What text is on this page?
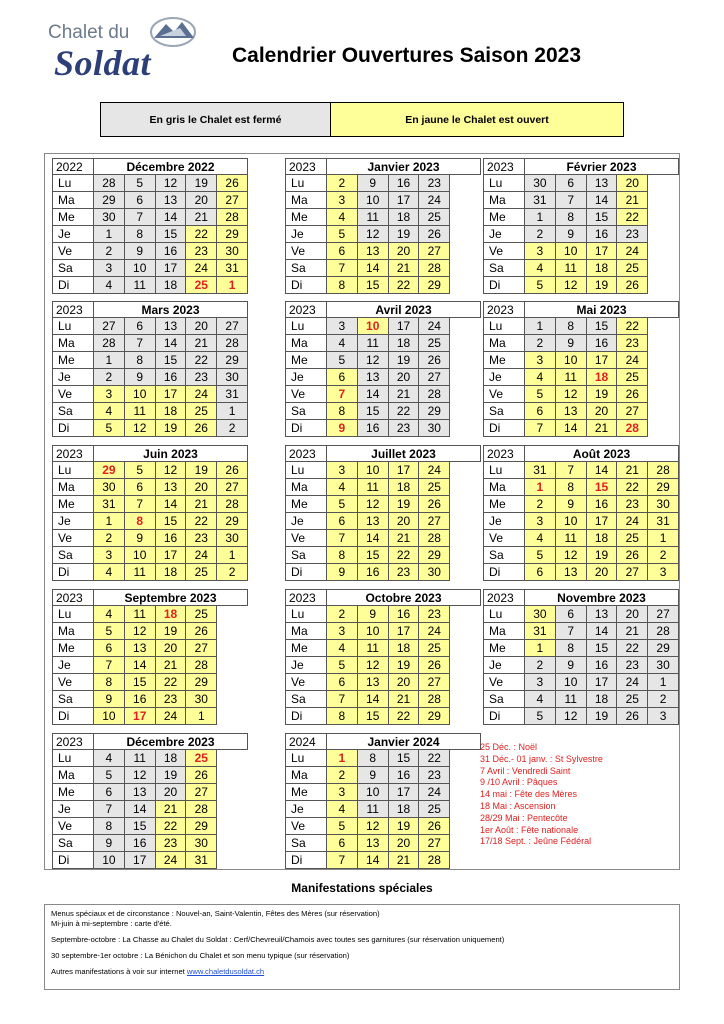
Chalet du
Soldat	Calendrier Ouvertures Saison 2023
En gris le Chalet est fermé	En jaune le Chalet est ouvert
2022	Décembre 2022
Lu	28	5	12	19	26
Ma	29	6	13	20	27
Me	30	7	14	21	28
Je	1	8	15	22	29
Ve	2	9	16	23	30
Sa	3	10	17	24	31
Di	4	11	18	25	1
2023	Janvier 2023
Lu	2	9	16	23
Ma	3	10	17	24
Me	4	11	18	25
Je	5	12	19	26
Ve	6	13	20	27
Sa	7	14	21	28
Di	8	15	22	29
2023	Février 2023
Lu	30	6	13	20
Ma	31	7	14	21
Me	1	8	15	22
Je	2	9	16	23
Ve	3	10	17	24
Sa	4	11	18	25
Di	5	12	19	26
2023	Mars 2023
Lu	27	6	13	20	27
Ma	28	7	14	21	28
Me	1	8	15	22	29
Je	2	9	16	23	30
Ve	3	10	17	24	31
Sa	4	11	18	25	1
Di	5	12	19	26	2
2023	Avril 2023
Lu	3	10	17	24
Ma	4	11	18	25
Me	5	12	19	26
Je	6	13	20	27
Ve	7	14	21	28
Sa	8	15	22	29
Di	9	16	23	30
2023	Mai 2023
Lu	1	8	15	22
Ma	2	9	16	23
Me	3	10	17	24
Je	4	11	18	25
Ve	5	12	19	26
Sa	6	13	20	27
Di	7	14	21	28
2023	Juin 2023
Lu	29	5	12	19	26
Ma	30	6	13	20	27
Me	31	7	14	21	28
Je	1	8	15	22	29
Ve	2	9	16	23	30
Sa	3	10	17	24	1
Di	4	11	18	25	2
2023	Juillet 2023
Lu	3	10	17	24
Ma	4	11	18	25
Me	5	12	19	26
Je	6	13	20	27
Ve	7	14	21	28
Sa	8	15	22	29
Di	9	16	23	30
2023	Août 2023
Lu	31	7	14	21	28
Ma	1	8	15	22	29
Me	2	9	16	23	30
Je	3	10	17	24	31
Ve	4	11	18	25	1
Sa	5	12	19	26	2
Di	6	13	20	27	3
2023	Septembre 2023
Lu	4	11	18	25
Ma	5	12	19	26
Me	6	13	20	27
Je	7	14	21	28
Ve	8	15	22	29
Sa	9	16	23	30
Di	10	17	24	1
2023	Octobre 2023
Lu	2	9	16	23
Ma	3	10	17	24
Me	4	11	18	25
Je	5	12	19	26
Ve	6	13	20	27
Sa	7	14	21	28
Di	8	15	22	29
2023	Novembre 2023
Lu	30	6	13	20	27
Ma	31	7	14	21	28
Me	1	8	15	22	29
Je	2	9	16	23	30
Ve	3	10	17	24	1
Sa	4	11	18	25	2
Di	5	12	19	26	3
2023	Décembre 2023
Lu	4	11	18	25
Ma	5	12	19	26
Me	6	13	20	27
Je	7	14	21	28
Ve	8	15	22	29
Sa	9	16	23	30
Di	10	17	24	31
2024	Janvier 2024
Lu	1	8	15	22
Ma	2	9	16	23
Me	3	10	17	24
Je	4	11	18	25
Ve	5	12	19	26
Sa	6	13	20	27
Di	7	14	21	28
25 Déc. : Noël
31 Déc.- 01 janv. : St Sylvestre
7 Avril : Vendredi Saint
9 /10 Avril : Pâques
14 mai : Fête des Mères
18 Mai : Ascension
28/29 Mai : Pentecôte
1er Août : Fête nationale
17/18 Sept. : Jeûne Fédéral
Manifestations spéciales

Menus spéciaux et de circonstance : Nouvel-an, Saint-Valentin, Fêtes des Mères (sur réservation)

Mi-juin à mi-septembre : carte d'été.

Septembre-octobre : La Chasse au Chalet du Soldat : Cerf/Chevreuil/Chamois avec toutes ses garnitures (sur réservation uniquement)

30 septembre-1er octobre : La Bénichon du Chalet et son menu typique (sur réservation)

Autres manifestations à voir sur internet www.chaletdusoldat.ch
